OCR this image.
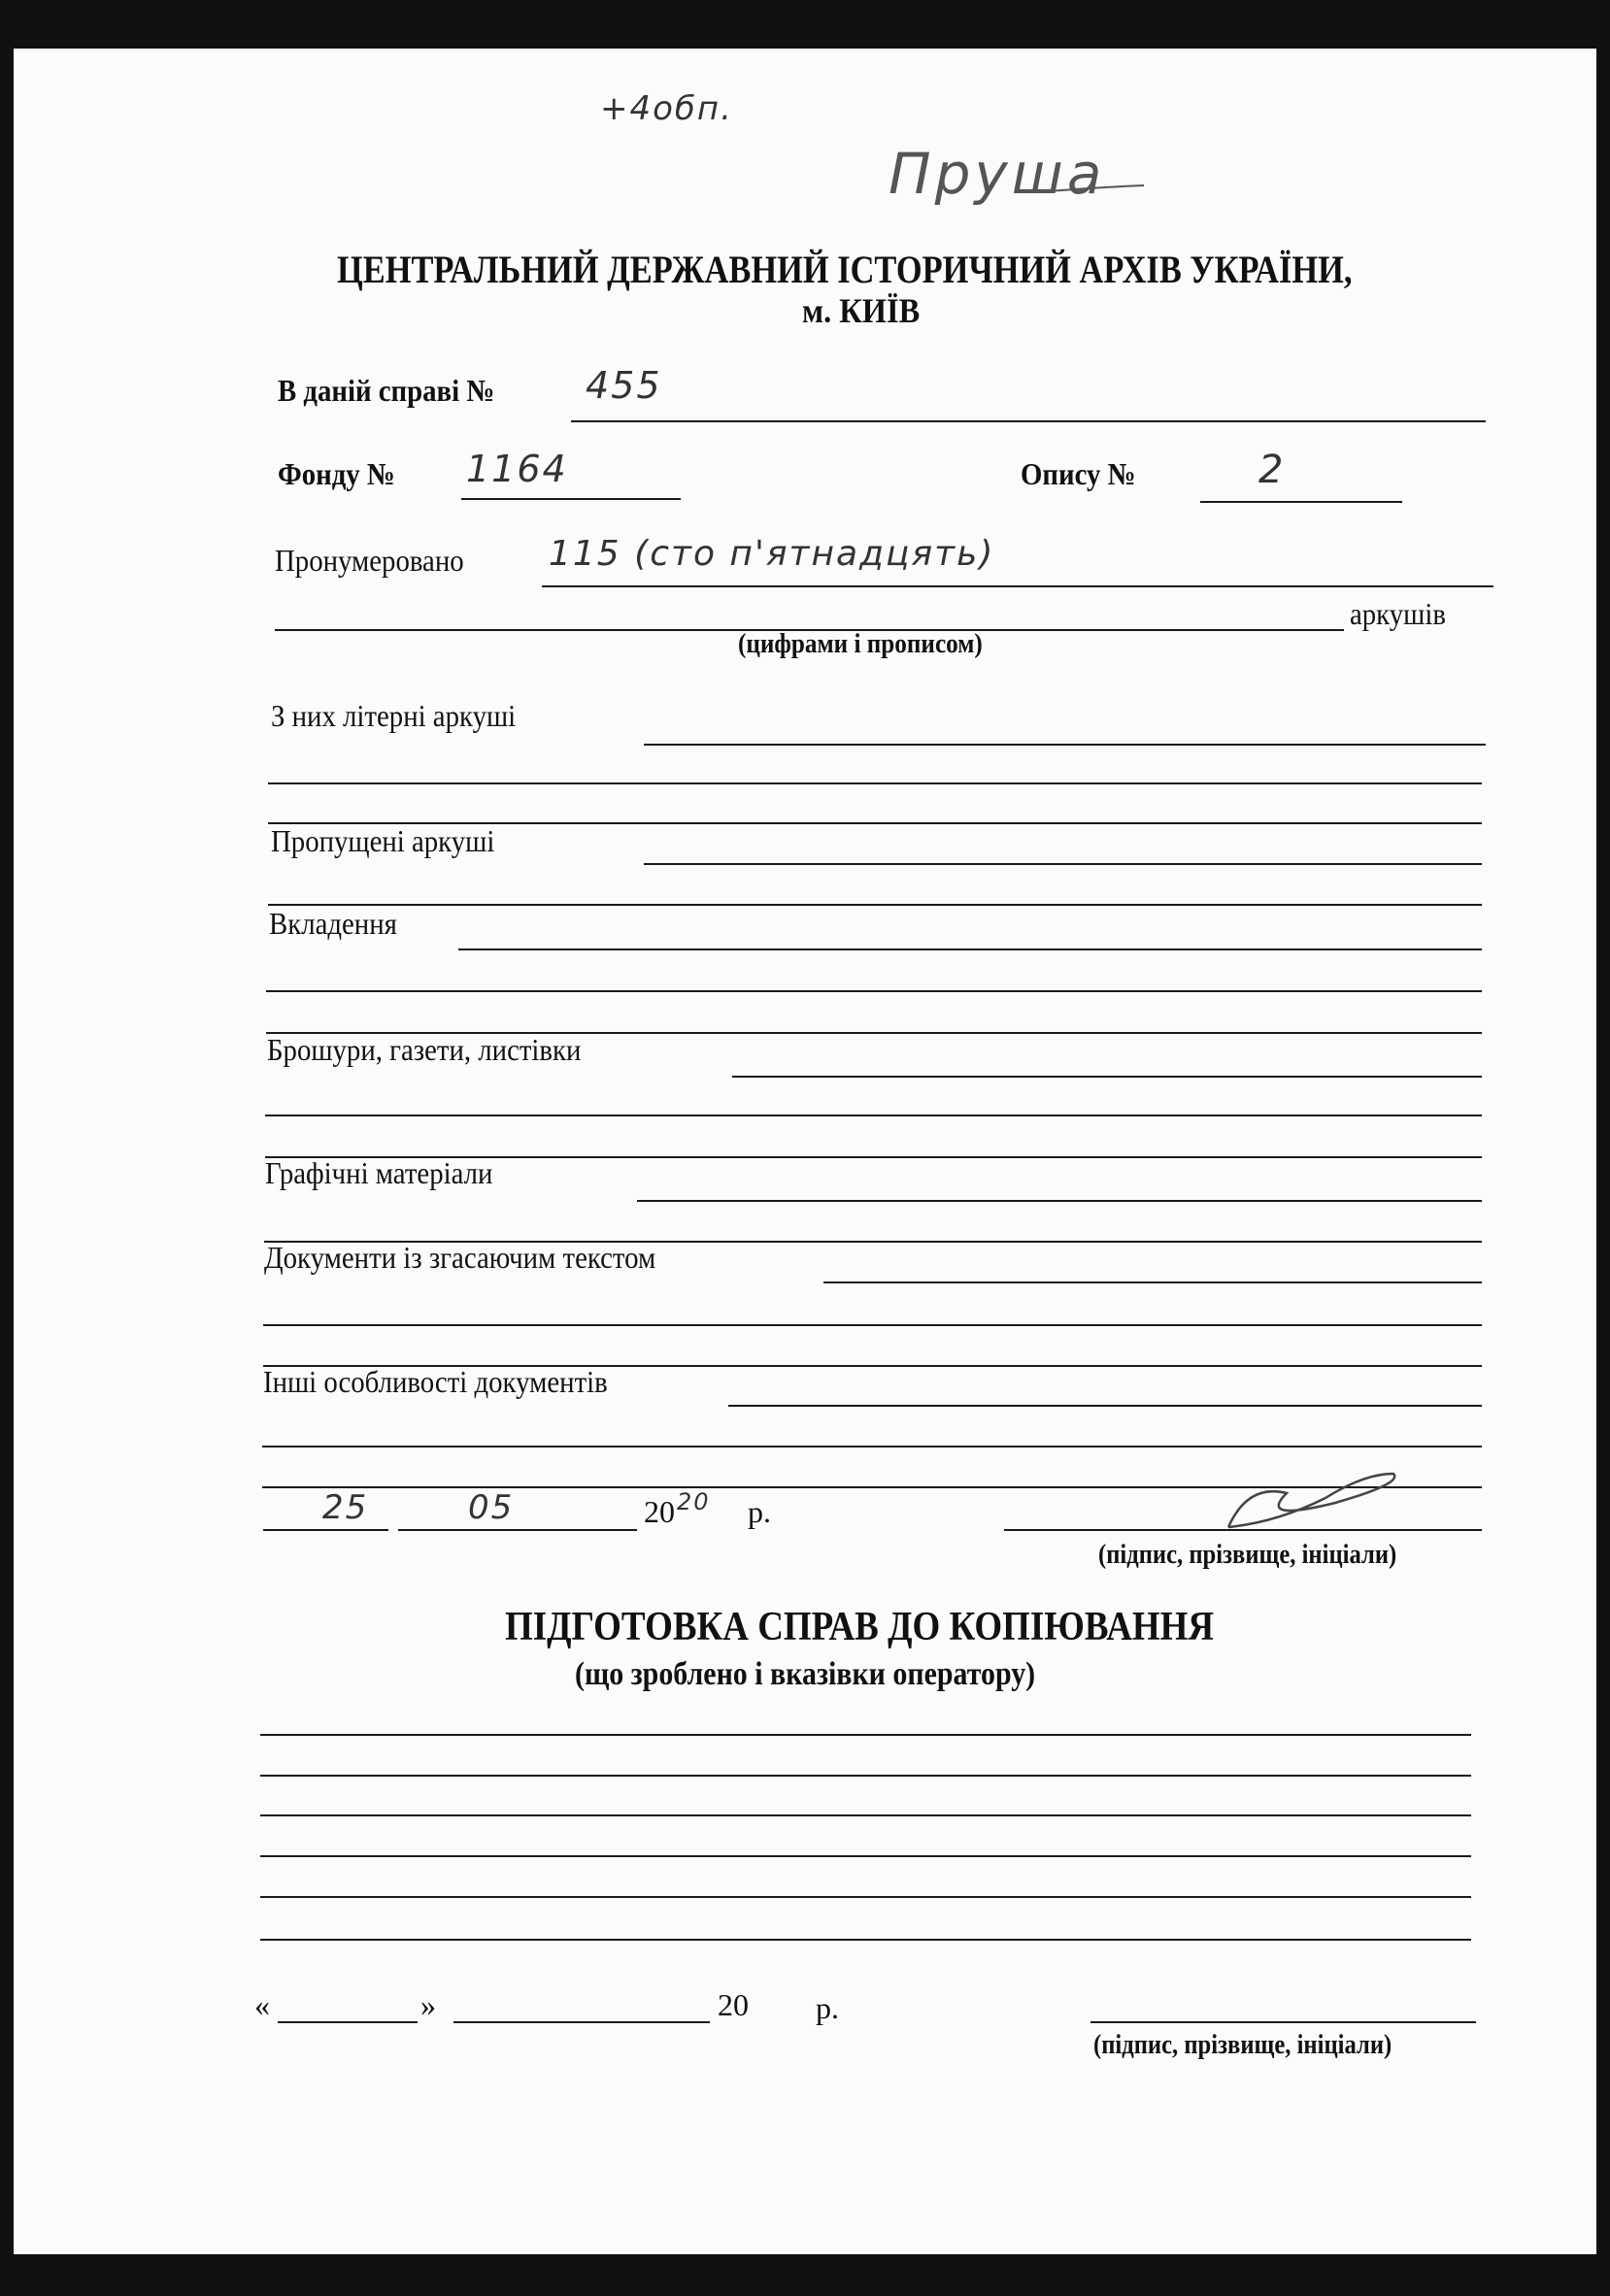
+4обп.
Пруша
ЦЕНТРАЛЬНИЙ ДЕРЖАВНИЙ ІСТОРИЧНИЙ АРХІВ УКРАЇНИ,
м. КИЇВ
В даній справі № 455
Фонду № 1164	Опису №	2
Пронумеровано 115 (сто п'ятнадцять)
аркушів
(цифрами і прописом)
З них літерні аркуші
Пропущені аркуші
Вкладення
Брошури, газети, листівки
Графічні матеріали
Документи із згасаючим текстом
Інші особливості документів
25	05	20 20 р.
(підпис, прізвище, ініціали)
ПІДГОТОВКА СПРАВ ДО КОПІЮВАННЯ
(що зроблено і вказівки оператору)
«	»	20 р.
(підпис, прізвище, ініціали)
